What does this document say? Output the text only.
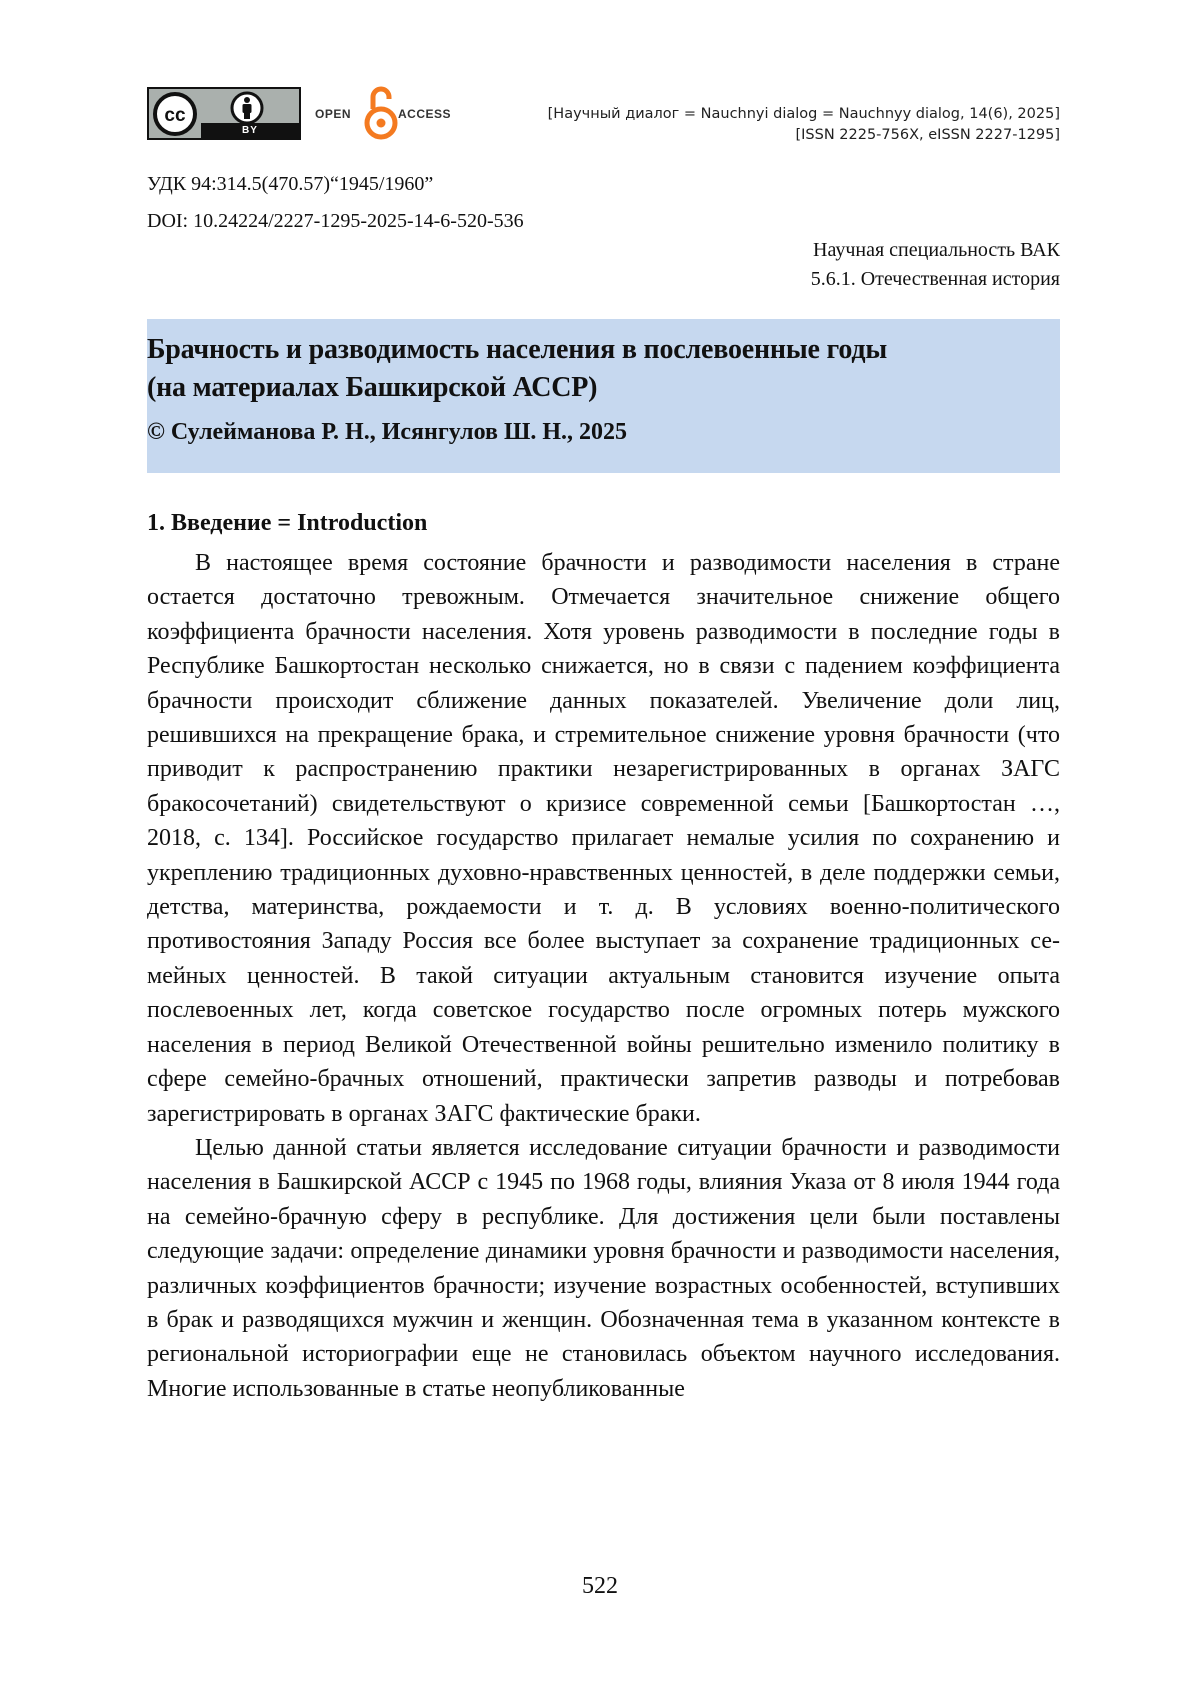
cc
BY
OPEN	ACCESS	[Научный диалог = Nauchnyi dialog = Nauchnyy dialog, 14(6), 2025]
[ISSN 2225-756X, eISSN 2227-1295]
УДК 94:314.5(470.57)“1945/1960”
DOI: 10.24224/2227-1295-2025-14-6-520-536
Научная специальность ВАК
5.6.1. Отечественная история
Брачность и разводимость населения в послевоенные годы
(на материалах Башкирской АССР)
© Сулейманова Р. Н., Исянгулов Ш. Н., 2025
1. Введение = Introduction

В настоящее время состояние брачности и разводимости населения в стране остается достаточно тревожным. Отмечается значительное снижение общего коэффициента брачности населения. Хотя уровень разводимости в последние годы в Республике Башкортостан несколько снижается, но в связи с падением коэффициента брачности происходит сближение данных показателей. Увеличение доли лиц, решившихся на прекращение брака, и стремительное снижение уровня брачности (что приводит к распространению практики незарегистрированных в органах ЗАГС бракосочетаний) свидетельствуют о кризисе современной семьи [Башкортостан …, 2018, с. 134]. Российское государство прилагает немалые усилия по сохранению и укреплению традиционных духовно-нравственных ценностей, в деле поддержки семьи, детства, материнства, рождаемости и т. д. В условиях военно-политического противостояния Западу Россия все более выступает за сохранение традиционных семейных ценностей. В такой ситуации актуальным становится изучение опыта послевоенных лет, когда советское государство после огромных потерь мужского населения в период Великой Отечественной войны решительно изменило политику в сфере семейно-брачных отношений, практически запретив разводы и потребовав зарегистрировать в органах ЗАГС фактические браки.

Целью данной статьи является исследование ситуации брачности и разводимости населения в Башкирской АССР с 1945 по 1968 годы, влияния Указа от 8 июля 1944 года на семейно-брачную сферу в республике. Для достижения цели были поставлены следующие задачи: определение динамики уровня брачности и разводимости населения, различных коэффициентов брачности; изучение возрастных особенностей, вступивших в брак и разводящихся мужчин и женщин. Обозначенная тема в указанном контексте в региональной историографии еще не становилась объектом научного исследования. Многие использованные в статье неопубликованные

522
